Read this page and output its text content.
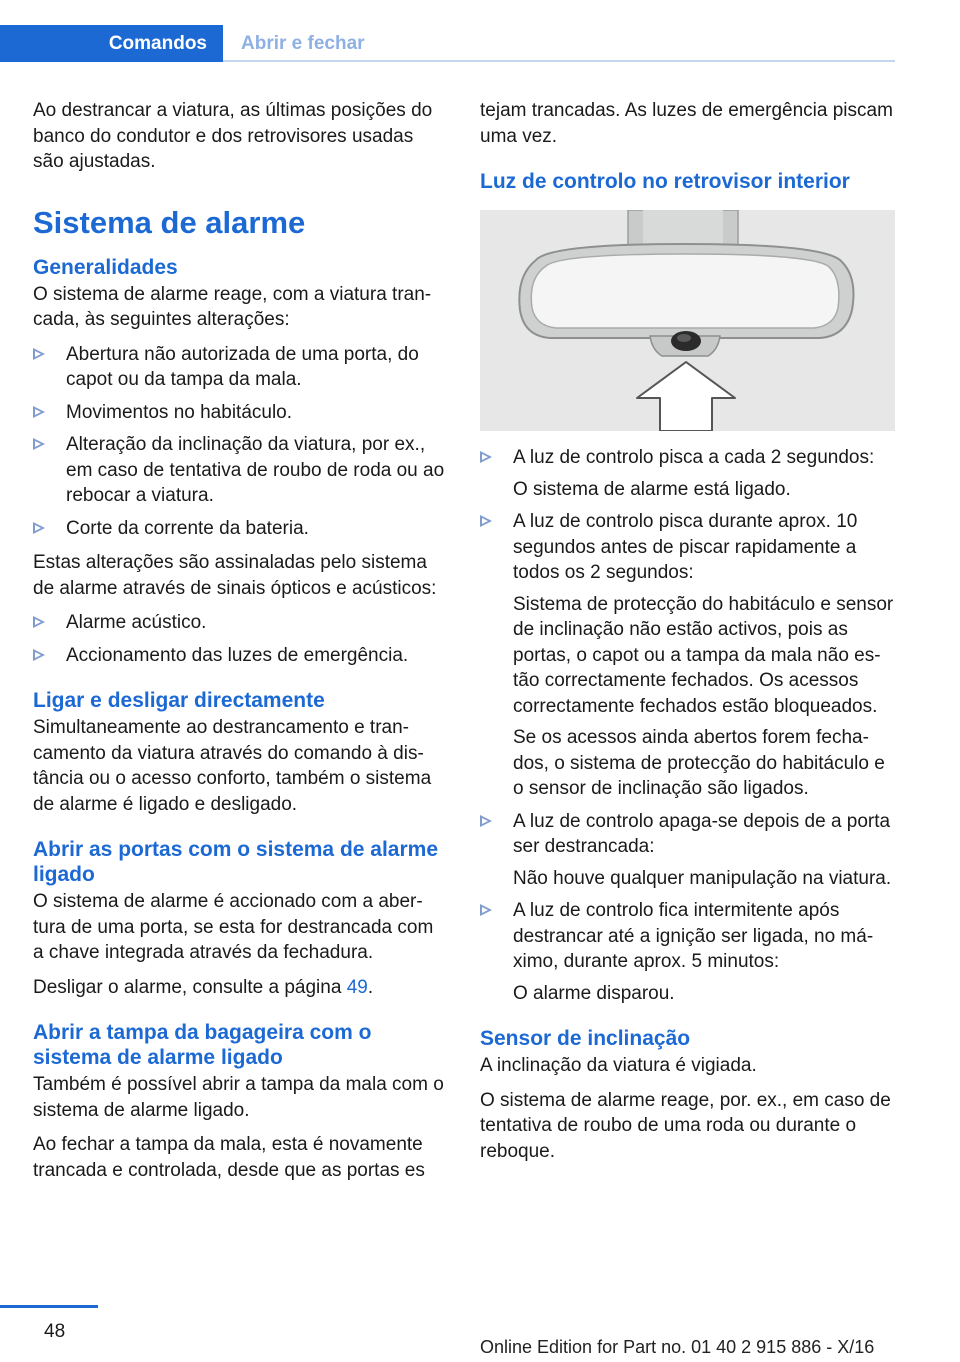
Comandos Abrir e fechar

Ao destrancar a viatura, as últimas posições do banco do condutor e dos retrovisores usadas são ajustadas.

Sistema de alarme
Generalidades

O sistema de alarme reage, com a viatura trancada, às seguintes alterações:

Abertura não autorizada de uma porta, do capot ou da tampa da mala.
Movimentos no habitáculo.
Alteração da inclinação da viatura, por ex., em caso de tentativa de roubo de roda ou ao rebocar a viatura.
Corte da corrente da bateria.

Estas alterações são assinaladas pelo sistema de alarme através de sinais ópticos e acústicos:

Alarme acústico.
Accionamento das luzes de emergência.
Ligar e desligar directamente

Simultaneamente ao destrancamento e trancamento da viatura através do comando à distância ou o acesso conforto, também o sistema de alarme é ligado e desligado.

Abrir as portas com o sistema de alarme ligado

O sistema de alarme é accionado com a abertura de uma porta, se esta for destrancada com a chave integrada através da fechadura.

Desligar o alarme, consulte a página 49.

Abrir a tampa da bagageira com o sistema de alarme ligado

Também é possível abrir a tampa da mala com o sistema de alarme ligado.

Ao fechar a tampa da mala, esta é novamente trancada e controlada, desde que as portas es

tejam trancadas. As luzes de emergência piscam uma vez.

Luz de controlo no retrovisor interior
A luz de controlo pisca a cada 2 segundos:
O sistema de alarme está ligado.
A luz de controlo pisca durante aprox. 10 segundos antes de piscar rapidamente a todos os 2 segundos:
Sistema de protecção do habitáculo e sensor de inclinação não estão activos, pois as portas, o capot ou a tampa da mala não estão correctamente fechados. Os acessos correctamente fechados estão bloqueados.
Se os acessos ainda abertos forem fechados, o sistema de protecção do habitáculo e o sensor de inclinação são ligados.
A luz de controlo apaga-se depois de a porta ser destrancada:
Não houve qualquer manipulação na viatura.
A luz de controlo fica intermitente após destrancar até a ignição ser ligada, no máximo, durante aprox. 5 minutos:
O alarme disparou.
Sensor de inclinação

A inclinação da viatura é vigiada.

O sistema de alarme reage, por. ex., em caso de tentativa de roubo de uma roda ou durante o reboque.

48
Online Edition for Part no. 01 40 2 915 886 - X/16
